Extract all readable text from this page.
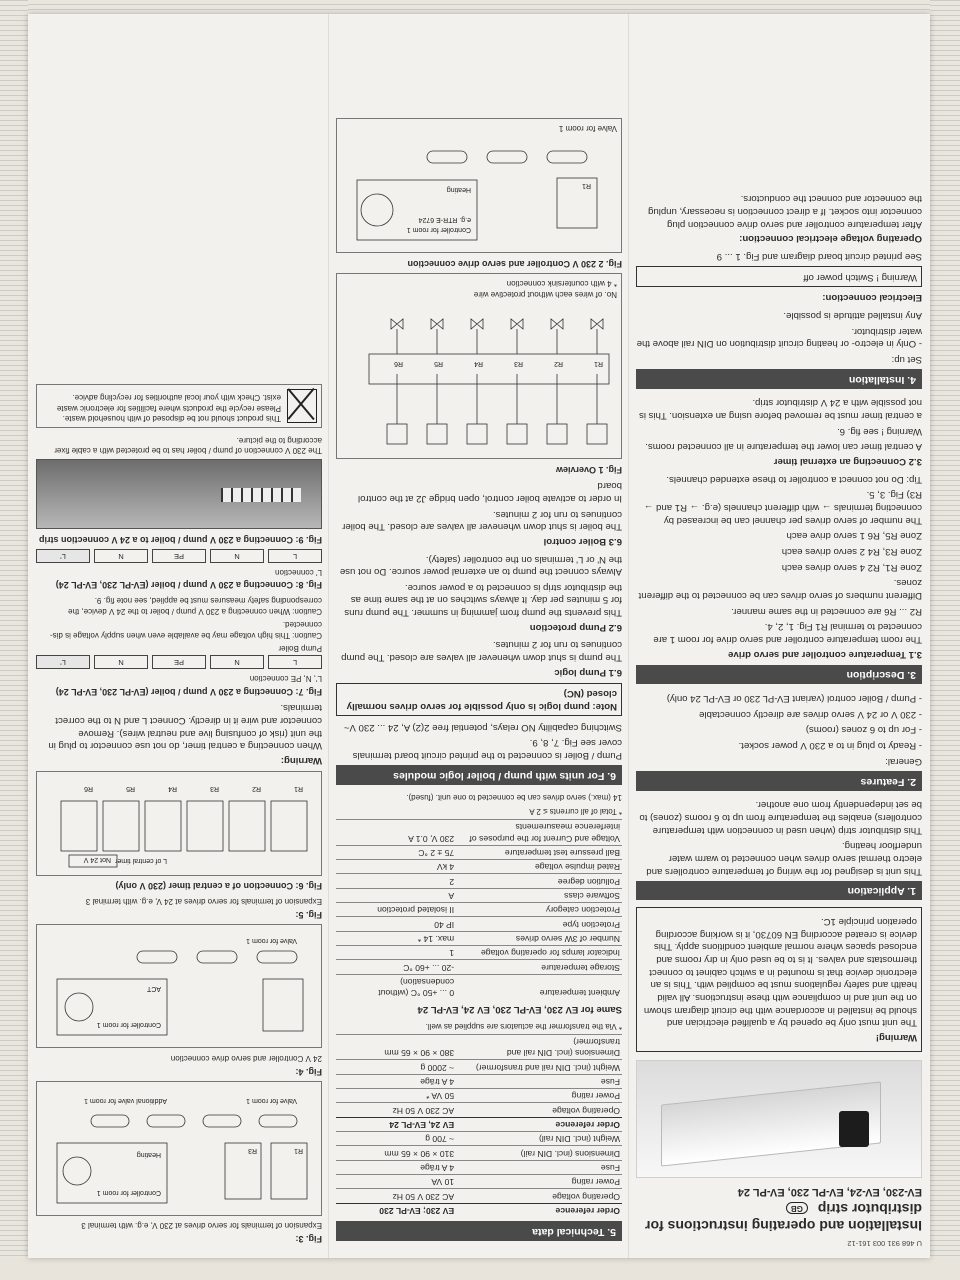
U 468 931 003 161-12
Installation and operating instructions for distributor strip GB
EV-230, EV-24, EV-PL 230, EV-PL 24
Warning!

The unit must only be opened by a qualified electrician and should be installed in accordance with the circuit diagram shown on the unit and in compliance with these instructions. All valid health and safety regulations must be complied with. This is an electronic device that is mounted in a switch cabinet to connect thermostats and valves. It is to be used only in dry rooms and enclosed spaces where normal ambient conditions apply. This device is created according EN 60730, it is working according operation principle 1C.

1. Application

This unit is designed for the wiring of temperature controllers and electro thermal servo drives when connected to warm water underfloor heating.

This distributor strip (when used in connection with temperature controllers) enables the temperature from up to 6 rooms (zones) to be set independently from one another.

2. Features

General:

- Ready to plug in to a 230 V power socket.

- For up to 6 zones (rooms)

- 230 V or 24 V servo drives are directly connectable

- Pump / Boiler control (variant EV-PL 230 or EV-PL 24 only)

3. Description
3.1 Temperature controller and servo drive

The room temperature controller and servo drive for room 1 are connected to terminal R1 Fig. 1, 2, 4.

R2 ... R6 are connected in the same manner.

Different numbers of servo drives can be connected to the different zones.

Zone R1, R2 4 servo drives each

Zone R3, R4 2 servo drives each

Zone R5, R6 1 servo drive each

The number of servo drives per channel can be increased by connecting terminals → with different channels (e.g. → R1 and → R3) Fig. 3, 5.

Tip: Do not connect a controller to these extended channels.

3.2 Connecting an external timer

A central timer can lower the temperature in all connected rooms.

Warning ! see fig. 6.

a central timer must be removed before using an extension. This is not possible with a 24 V distributor strip.

4. Installation

Set up:

- Only in electro- or heating circuit distribution on DIN rail above the water distributor.

Any installed attitude is possible.

Electrical connection:
Warning ! Switch power off

See printed circuit board diagram and Fig. 1 ... 9

Operating voltage electrical connection:

After temperature controller and servo drive connection plug connector into socket. If a direct connection is necessary, unplug the connector and connect the conductors.

5. Technical data
Order reference	EV 230; EV-PL 230
Operating voltage	AC 230 V 50 Hz
Power rating	10 VA
Fuse	4 A träge
Dimensions (incl. DIN rail)	310 × 90 × 65 mm
Weight (incl. DIN rail)	~ 700 g
Order reference	EV 24, EV-PL 24
Operating voltage	AC 230 V 50 Hz
Power rating	50 VA *
Fuse	4 A träge
Weight (incl. DIN rail and transformer)	~ 2000 g
Dimensions (incl. DIN rail and transformer)	380 × 90 × 65 mm

* Via the transformer the actuators are supplied as well.

Same for EV 230, EV-PL 230, EV 24, EV-PL 24
Ambient temperature	0 ... +50 °C (without condensation)
Storage temperature	-20 ... +60 °C
Indicator lamps for operating voltage	1
Number of 3W servo drives	max. 14 *
Protection type	IP 40
Protection category	II isolated protection
Software class	A
Pollution degree	2
Rated impulse voltage	4 kV
Ball pressure test temperature	75 ± 2 °C
Voltage and Current for the purposes of interference measurements	230 V, 0.1 A

* Total of all currents ≤ 2 A

14 (max.) servo drives can be connected to one unit. (fused).

6. For units with pump / boiler logic modules

Pump / Boiler is connected to the printed circuit board terminals cover see Fig. 7, 8, 9.

Switching capability NO relays, potential free 2(2) A, 24 ... 230 V~

Note: pump logic is only possible for servo drives normally closed (NC)
6.1 Pump logic

The pump is shut down whenever all valves are closed. The pump continues to run for 2 minutes.

6.2 Pump protection

This prevents the pump from jamming in summer. The pump runs for 5 minutes per day. It always switches on at the same time as the distributor strip is connected to a power source.

Always connect the pump to an external power source. Do not use the N' or L' terminals on the controller (safety).

6.3 Boiler control

The boiler is shut down whenever all valves are closed. The boiler continues to run for 2 minutes.

In order to activate boiler control, open bridge J2 at the control board

Fig. 1 Overview
R1
R2
R3
R4
R5
R6
No. of wires each without protective wire
* 4 with countersink connection
Fig. 2 230 V Controller and servo drive connection
Controller for room 1
e.g. RTR-E 6724
Heating
R1
Valve for room 1
Fig. 3:

Expansion of terminals for servo drives at 230 V, e.g. with terminal 3

Controller for room 1
Heating
R1
R3
Valve for room 1
Additional valve for room 1
Fig. 4:

24 V Controller and servo drive connection

Controller for room 1
ACT
Valve for room 1
Fig. 5:

Expansion of terminals for servo drives at 24 V, e.g. with terminal 3

Fig. 6: Connection of a central timer (230 V only)
L of central timer
Not 24 V
R1
R2
R3
R4
R5
R6
Warning:

When connecting a central timer, do not use connector to plug in the unit (risk of confusing live and neutral wires). Remove connector and wire it in directly. Connect L and N to the correct terminals.

Fig. 7: Connecting a 230 V pump / boiler (EV-PL 230, EV-PL 24)

L', N, PE connection

L
N
PE
N
L'

Pump Boiler

Caution: This high voltage may be available even when supply voltage is dis-connected.

Caution: When connecting a 230 V pump / boiler to the 24 V device, the corresponding safety measures must be applied, see note fig. 9.

Fig. 8: Connecting a 230 V pump / boiler (EV-PL 230, EV-PL 24)

L' connection

L
N
PE
N
L'
Fig. 9: Connecting a 230 V pump / boiler to a 24 V connection strip

The 230 V connection of pump / boiler has to be protected with a cable fixer according to the picture.

This product should not be disposed of with household waste. Please recycle the products where facilities for electronic waste exist. Check with your local authorities for recycling advice.
